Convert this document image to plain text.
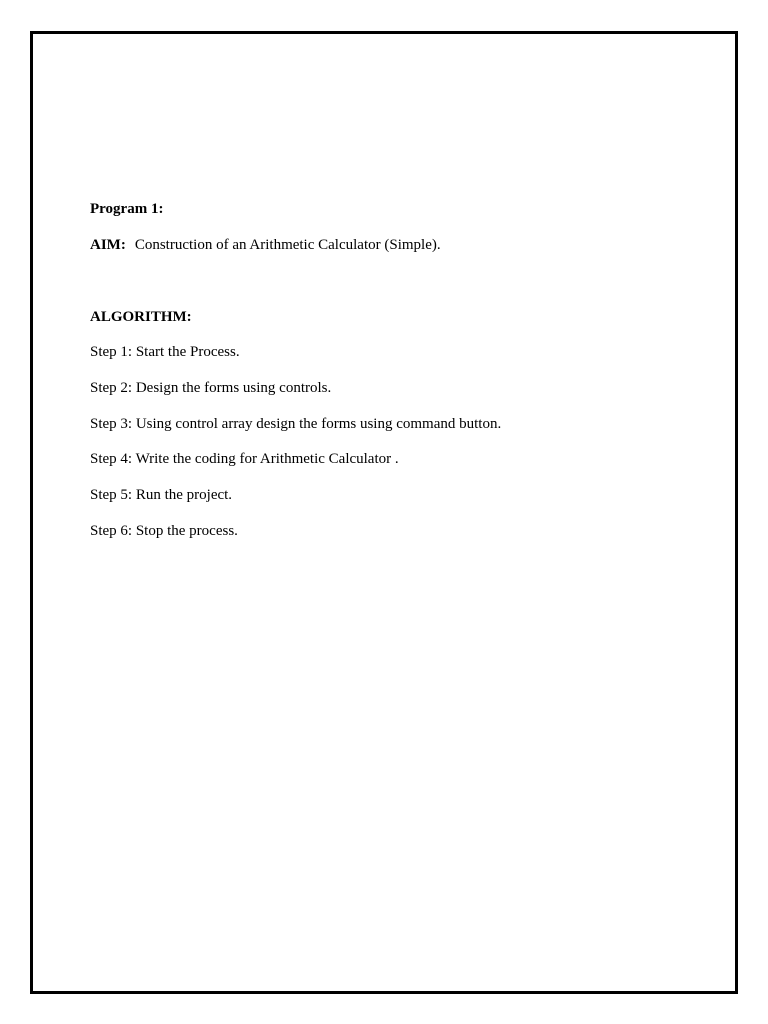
Program 1:

AIM: Construction of an Arithmetic Calculator (Simple).

ALGORITHM:

Step 1: Start the Process.

Step 2: Design the forms using controls.

Step 3: Using control array design the forms using command button.

Step 4: Write the coding for Arithmetic Calculator .

Step 5: Run the project.

Step 6: Stop the process.
